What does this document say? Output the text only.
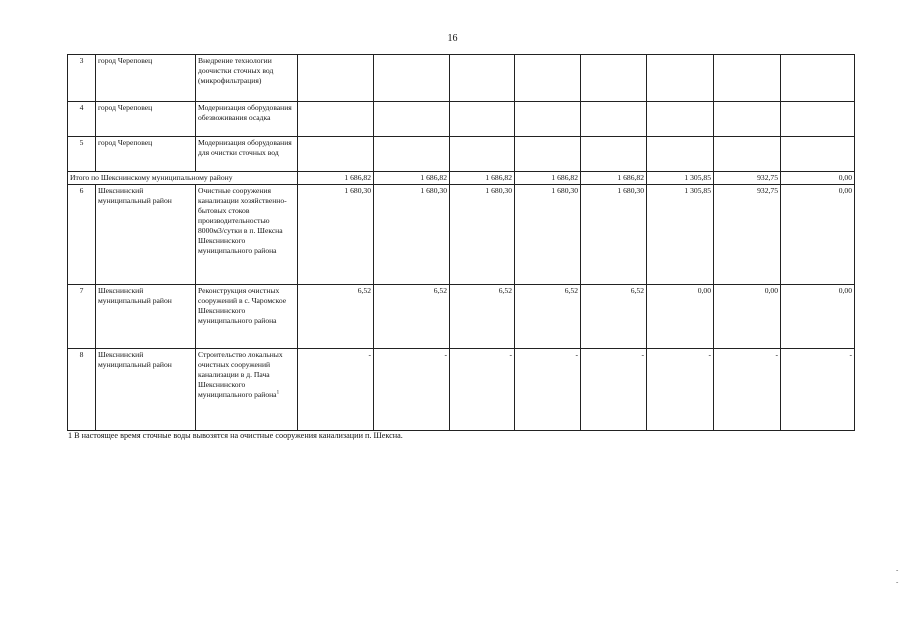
16
3	город Череповец	Внедрение технологии доочистки сточных вод (микрофильтрация)								
4	город Череповец	Модернизация оборудования обезвоживания осадка								
5	город Череповец	Модернизация оборудования для очистки сточных вод								
Итого по Шекснинскому муниципальному району			1 686,82	1 686,82	1 686,82	1 686,82	1 686,82	1 305,85	932,75	0,00
6	Шекснинский муниципальный район	Очистные сооружения канализации хозяйственно-бытовых стоков производительностью 8000м3/сутки в п. Шексна Шекснинского муниципального района	1 680,30	1 680,30	1 680,30	1 680,30	1 680,30	1 305,85	932,75	0,00
7	Шекснинский муниципальный район	Реконструкция очистных сооружений в с. Чаромское Шекснинского муниципального района	6,52	6,52	6,52	6,52	6,52	0,00	0,00	0,00
8	Шекснинский муниципальный район	Строительство локальных очистных сооружений канализации в д. Пача Шекснинского муниципального района$^1$	-	-	-	-	-	-	-	-
1 В настоящее время сточные воды вывозятся на очистные сооружения канализации п. Шексна.
-
-
